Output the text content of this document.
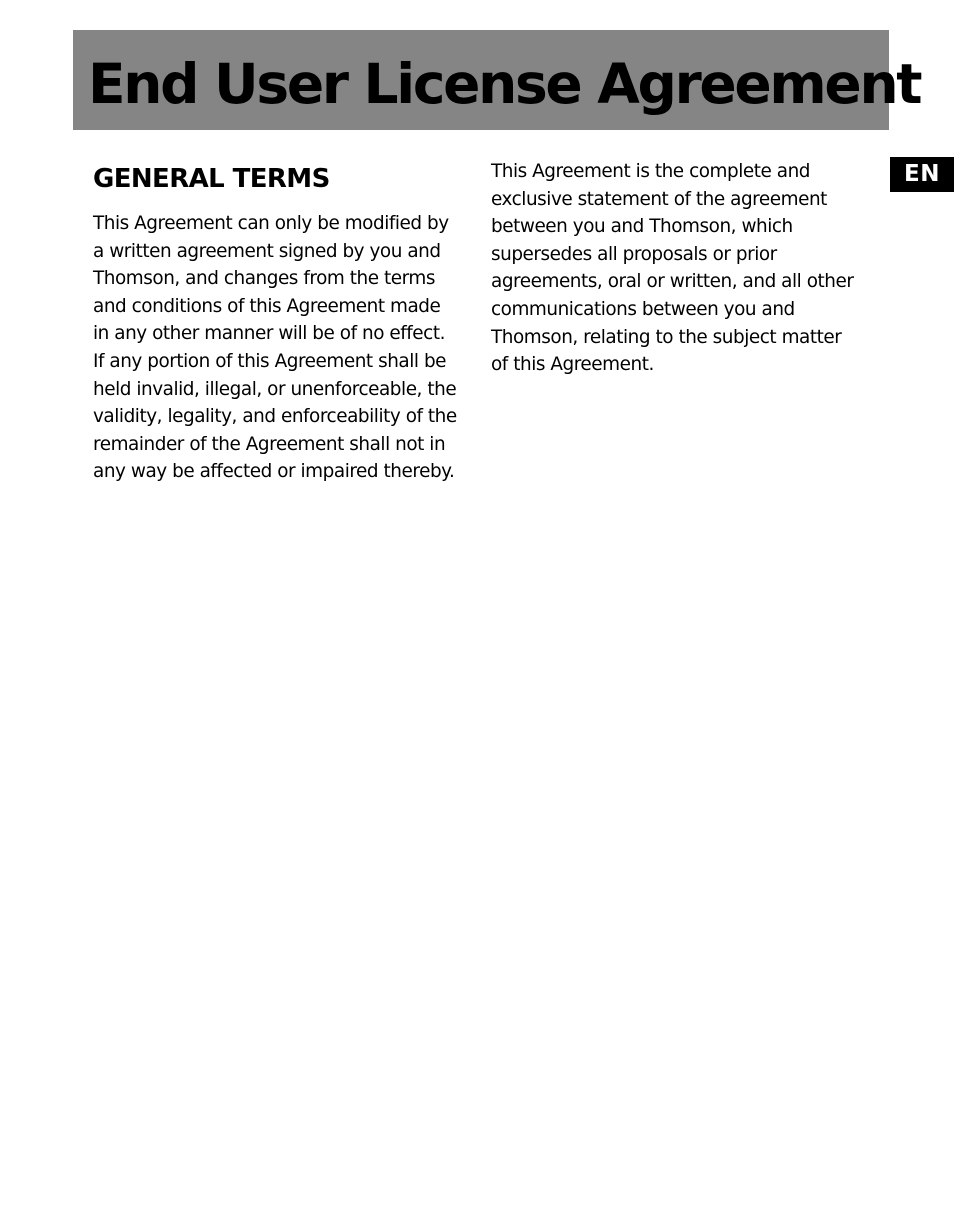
End User License Agreement
EN
GENERAL TERMS

This Agreement can only be modified by
a written agreement signed by you and
Thomson, and changes from the terms
and conditions of this Agreement made
in any other manner will be of no effect.
If any portion of this Agreement shall be
held invalid, illegal, or unenforceable, the
validity, legality, and enforceability of the
remainder of the Agreement shall not in
any way be affected or impaired thereby.

This Agreement is the complete and
exclusive statement of the agreement
between you and Thomson, which
supersedes all proposals or prior
agreements, oral or written, and all other
communications between you and
Thomson, relating to the subject matter
of this Agreement.
